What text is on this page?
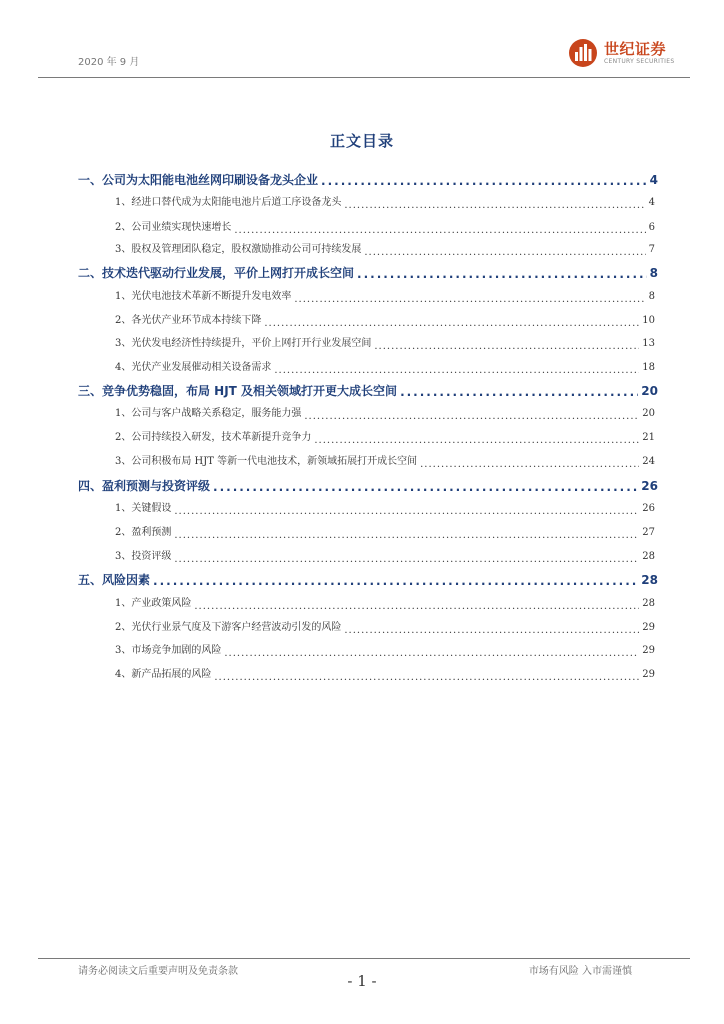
2020 年 9 月
世纪证券
CENTURY SECURITIES
正文目录
一、公司为太阳能电池丝网印刷设备龙头企业 .....	4
1、经进口替代成为太阳能电池片后道工序设备龙头 .....	4
2、公司业绩实现快速增长 .....	6
3、股权及管理团队稳定，股权激励推动公司可持续发展 .....	7
二、技术迭代驱动行业发展，平价上网打开成长空间 .....	8
1、光伏电池技术革新不断提升发电效率 .....	8
2、各光伏产业环节成本持续下降 .....	10
3、光伏发电经济性持续提升，平价上网打开行业发展空间 .....	13
4、光伏产业发展催动相关设备需求 .....	18
三、竞争优势稳固，布局 HJT 及相关领域打开更大成长空间 .....	20
1、公司与客户战略关系稳定，服务能力强 .....	20
2、公司持续投入研发，技术革新提升竞争力 .....	21
3、公司积极布局 HJT 等新一代电池技术，新领域拓展打开成长空间 .....	24
四、盈利预测与投资评级 .....	26
1、关键假设 .....	26
2、盈利预测 .....	27
3、投资评级 .....	28
五、风险因素 .....	28
1、产业政策风险 .....	28
2、光伏行业景气度及下游客户经营波动引发的风险 .....	29
3、市场竞争加剧的风险 .....	29
4、新产品拓展的风险 .....	29
请务必阅读文后重要声明及免责条款	市场有风险 入市需谨慎
- 1 -
